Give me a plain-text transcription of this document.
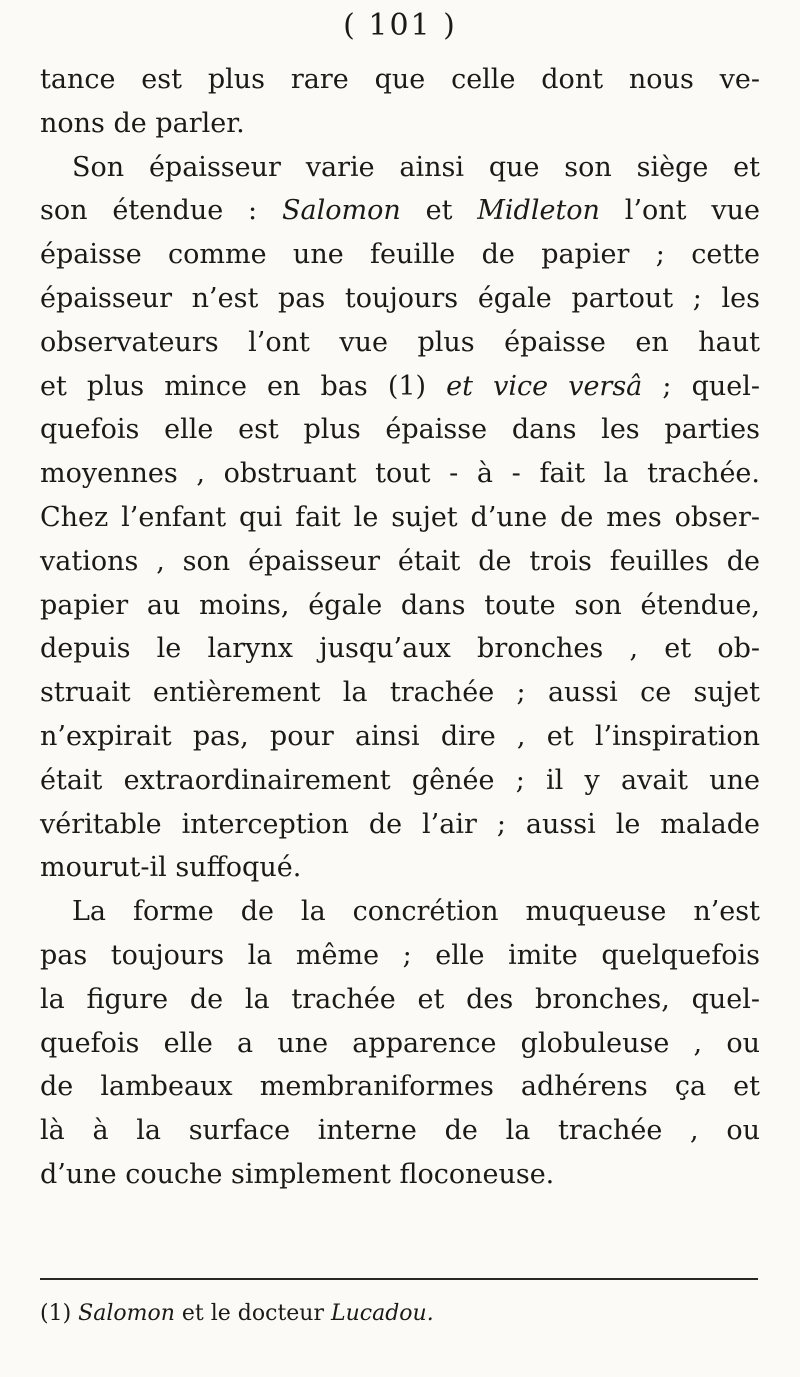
( 101 )
tance est plus rare que celle dont nous ve-
nons de parler.
Son épaisseur varie ainsi que son siège et
son étendue : Salomon et Midleton l’ont vue
épaisse comme une feuille de papier ; cette
épaisseur n’est pas toujours égale partout ; les
observateurs l’ont vue plus épaisse en haut
et plus mince en bas (1) et vice versâ ; quel-
quefois elle est plus épaisse dans les parties
moyennes , obstruant tout - à - fait la trachée.
Chez l’enfant qui fait le sujet d’une de mes obser-
vations , son épaisseur était de trois feuilles de
papier au moins, égale dans toute son étendue,
depuis le larynx jusqu’aux bronches , et ob-
struait entièrement la trachée ; aussi ce sujet
n’expirait pas, pour ainsi dire , et l’inspiration
était extraordinairement gênée ; il y avait une
véritable interception de l’air ; aussi le malade
mourut-il suffoqué.
La forme de la concrétion muqueuse n’est
pas toujours la même ; elle imite quelquefois
la figure de la trachée et des bronches, quel-
quefois elle a une apparence globuleuse , ou
de lambeaux membraniformes adhérens ça et
là à la surface interne de la trachée , ou
d’une couche simplement floconeuse.
(1) Salomon et le docteur Lucadou.
